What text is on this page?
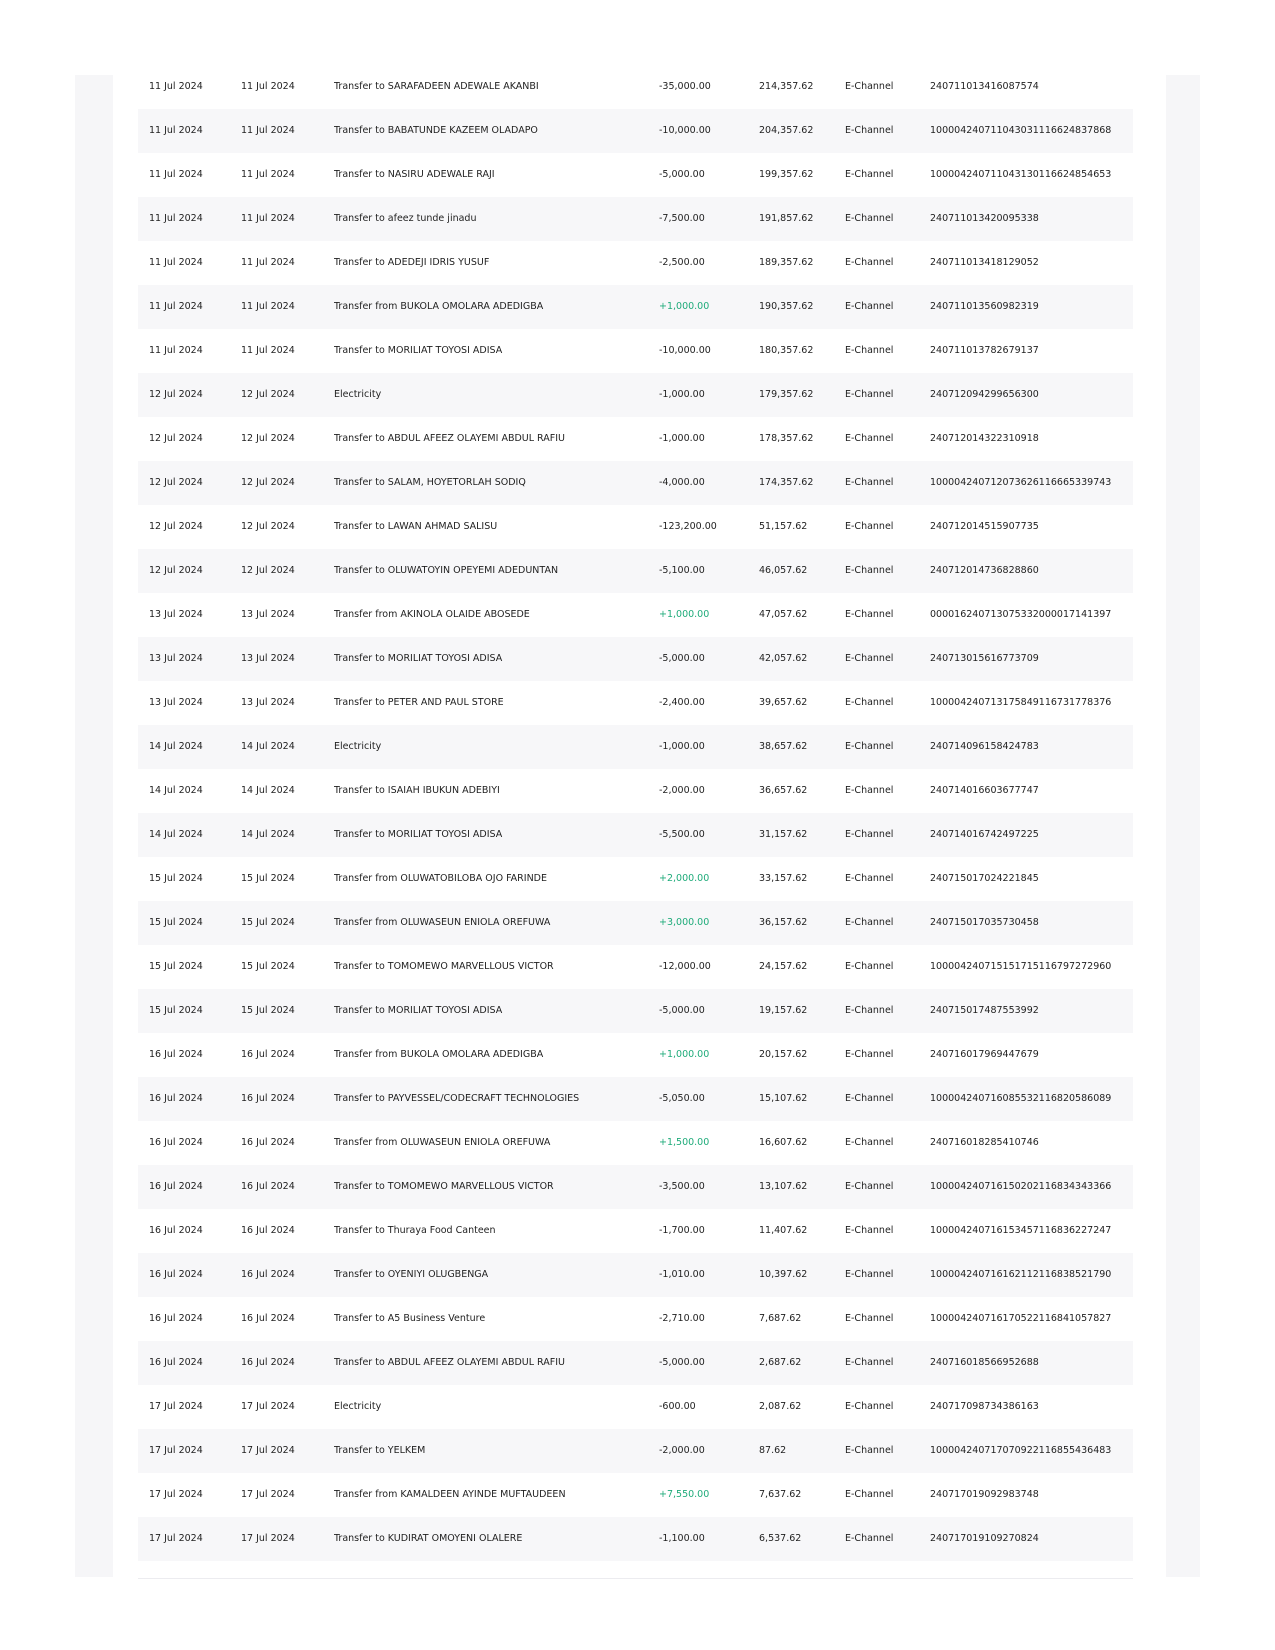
11 Jul 2024	11 Jul 2024	Transfer to SARAFADEEN ADEWALE AKANBI	-35,000.00	214,357.62	E-Channel	240711013416087574
11 Jul 2024	11 Jul 2024	Transfer to BABATUNDE KAZEEM OLADAPO	-10,000.00	204,357.62	E-Channel	100004240711043031116624837868
11 Jul 2024	11 Jul 2024	Transfer to NASIRU ADEWALE RAJI	-5,000.00	199,357.62	E-Channel	100004240711043130116624854653
11 Jul 2024	11 Jul 2024	Transfer to afeez tunde jinadu	-7,500.00	191,857.62	E-Channel	240711013420095338
11 Jul 2024	11 Jul 2024	Transfer to ADEDEJI IDRIS YUSUF	-2,500.00	189,357.62	E-Channel	240711013418129052
11 Jul 2024	11 Jul 2024	Transfer from BUKOLA OMOLARA ADEDIGBA	+1,000.00	190,357.62	E-Channel	240711013560982319
11 Jul 2024	11 Jul 2024	Transfer to MORILIAT TOYOSI ADISA	-10,000.00	180,357.62	E-Channel	240711013782679137
12 Jul 2024	12 Jul 2024	Electricity	-1,000.00	179,357.62	E-Channel	240712094299656300
12 Jul 2024	12 Jul 2024	Transfer to ABDUL AFEEZ OLAYEMI ABDUL RAFIU	-1,000.00	178,357.62	E-Channel	240712014322310918
12 Jul 2024	12 Jul 2024	Transfer to SALAM, HOYETORLAH SODIQ	-4,000.00	174,357.62	E-Channel	100004240712073626116665339743
12 Jul 2024	12 Jul 2024	Transfer to LAWAN AHMAD SALISU	-123,200.00	51,157.62	E-Channel	240712014515907735
12 Jul 2024	12 Jul 2024	Transfer to OLUWATOYIN OPEYEMI ADEDUNTAN	-5,100.00	46,057.62	E-Channel	240712014736828860
13 Jul 2024	13 Jul 2024	Transfer from AKINOLA OLAIDE ABOSEDE	+1,000.00	47,057.62	E-Channel	000016240713075332000017141397
13 Jul 2024	13 Jul 2024	Transfer to MORILIAT TOYOSI ADISA	-5,000.00	42,057.62	E-Channel	240713015616773709
13 Jul 2024	13 Jul 2024	Transfer to PETER AND PAUL STORE	-2,400.00	39,657.62	E-Channel	100004240713175849116731778376
14 Jul 2024	14 Jul 2024	Electricity	-1,000.00	38,657.62	E-Channel	240714096158424783
14 Jul 2024	14 Jul 2024	Transfer to ISAIAH IBUKUN ADEBIYI	-2,000.00	36,657.62	E-Channel	240714016603677747
14 Jul 2024	14 Jul 2024	Transfer to MORILIAT TOYOSI ADISA	-5,500.00	31,157.62	E-Channel	240714016742497225
15 Jul 2024	15 Jul 2024	Transfer from OLUWATOBILOBA OJO FARINDE	+2,000.00	33,157.62	E-Channel	240715017024221845
15 Jul 2024	15 Jul 2024	Transfer from OLUWASEUN ENIOLA OREFUWA	+3,000.00	36,157.62	E-Channel	240715017035730458
15 Jul 2024	15 Jul 2024	Transfer to TOMOMEWO MARVELLOUS VICTOR	-12,000.00	24,157.62	E-Channel	100004240715151715116797272960
15 Jul 2024	15 Jul 2024	Transfer to MORILIAT TOYOSI ADISA	-5,000.00	19,157.62	E-Channel	240715017487553992
16 Jul 2024	16 Jul 2024	Transfer from BUKOLA OMOLARA ADEDIGBA	+1,000.00	20,157.62	E-Channel	240716017969447679
16 Jul 2024	16 Jul 2024	Transfer to PAYVESSEL/CODECRAFT TECHNOLOGIES	-5,050.00	15,107.62	E-Channel	100004240716085532116820586089
16 Jul 2024	16 Jul 2024	Transfer from OLUWASEUN ENIOLA OREFUWA	+1,500.00	16,607.62	E-Channel	240716018285410746
16 Jul 2024	16 Jul 2024	Transfer to TOMOMEWO MARVELLOUS VICTOR	-3,500.00	13,107.62	E-Channel	100004240716150202116834343366
16 Jul 2024	16 Jul 2024	Transfer to Thuraya Food Canteen	-1,700.00	11,407.62	E-Channel	100004240716153457116836227247
16 Jul 2024	16 Jul 2024	Transfer to OYENIYI OLUGBENGA	-1,010.00	10,397.62	E-Channel	100004240716162112116838521790
16 Jul 2024	16 Jul 2024	Transfer to A5 Business Venture	-2,710.00	7,687.62	E-Channel	100004240716170522116841057827
16 Jul 2024	16 Jul 2024	Transfer to ABDUL AFEEZ OLAYEMI ABDUL RAFIU	-5,000.00	2,687.62	E-Channel	240716018566952688
17 Jul 2024	17 Jul 2024	Electricity	-600.00	2,087.62	E-Channel	240717098734386163
17 Jul 2024	17 Jul 2024	Transfer to YELKEM	-2,000.00	87.62	E-Channel	100004240717070922116855436483
17 Jul 2024	17 Jul 2024	Transfer from KAMALDEEN AYINDE MUFTAUDEEN	+7,550.00	7,637.62	E-Channel	240717019092983748
17 Jul 2024	17 Jul 2024	Transfer to KUDIRAT OMOYENI OLALERE	-1,100.00	6,537.62	E-Channel	240717019109270824
